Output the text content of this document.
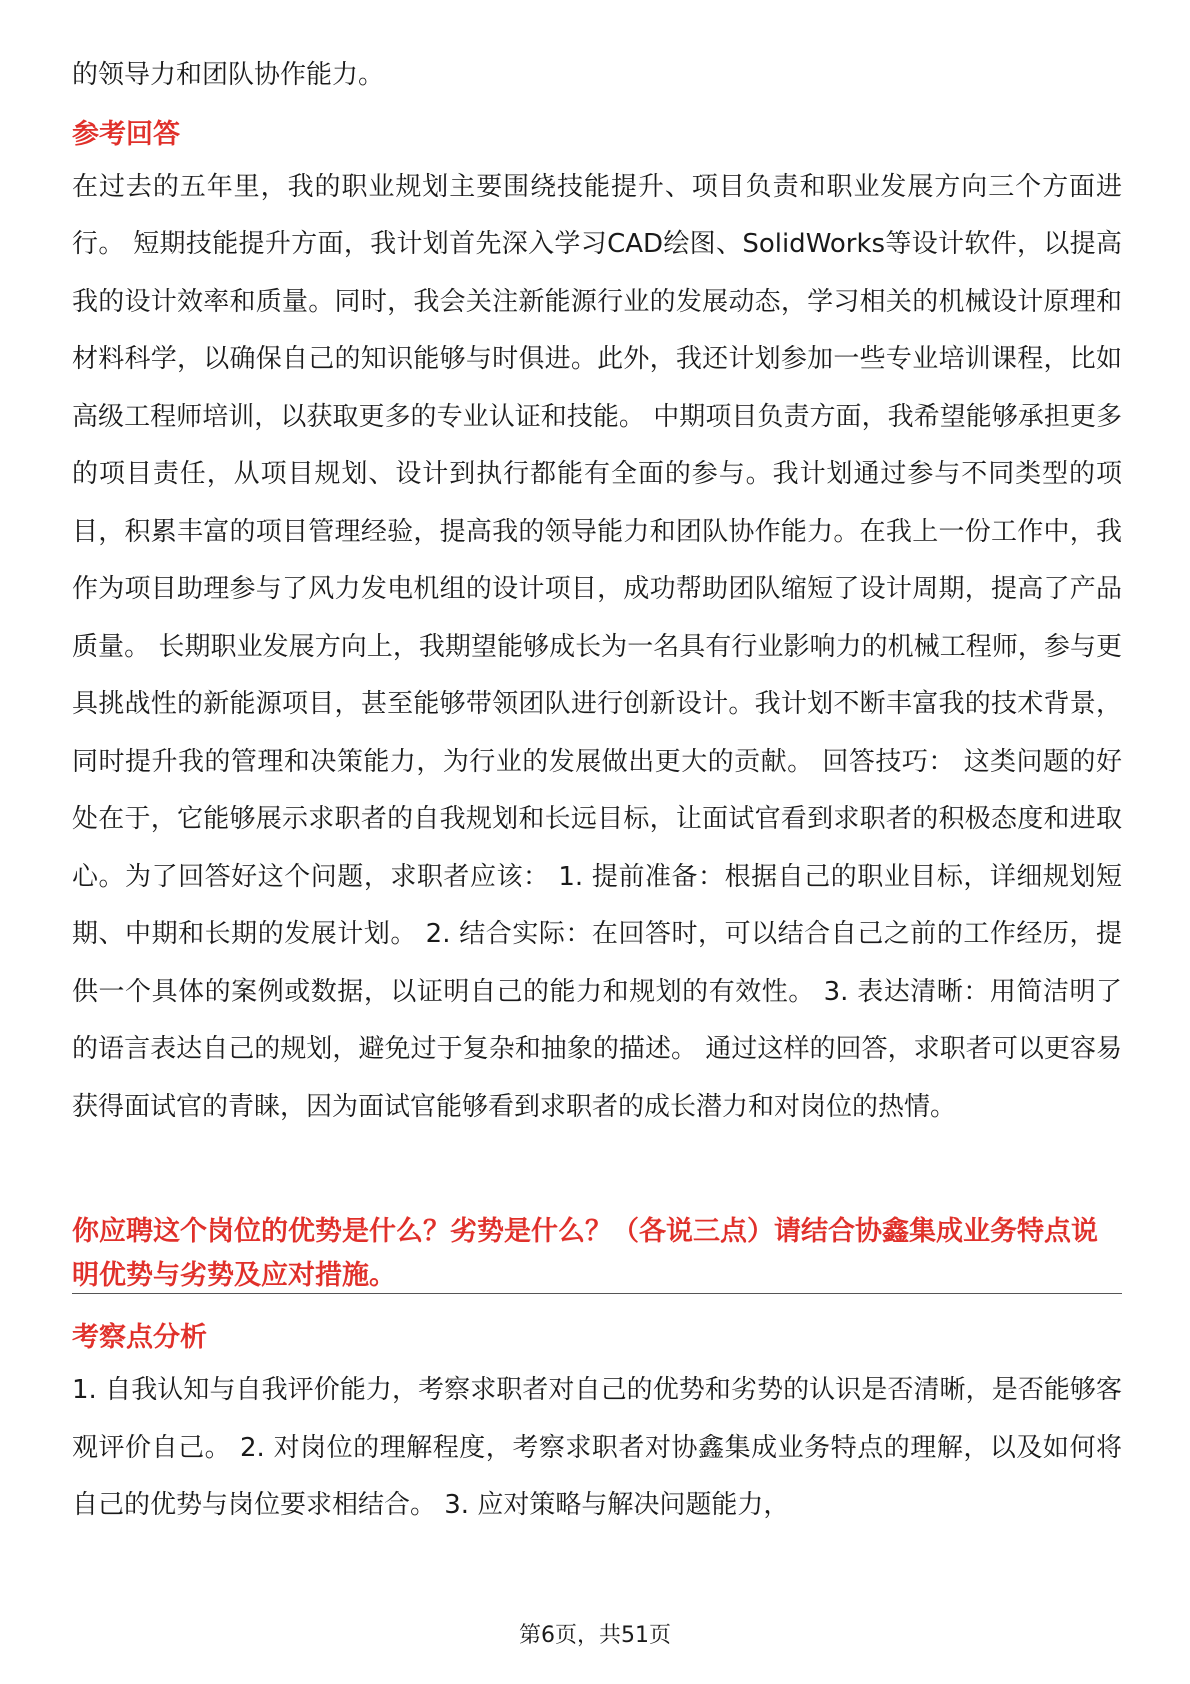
的领导力和团队协作能力。

参考回答

在过去的五年里，我的职业规划主要围绕技能提升、项目负责和职业发展方向三个方面进行。 短期技能提升方面，我计划首先深入学习CAD绘图、SolidWorks等设计软件，以提高我的设计效率和质量。同时，我会关注新能源行业的发展动态，学习相关的机械设计原理和材料科学，以确保自己的知识能够与时俱进。此外，我还计划参加一些专业培训课程，比如高级工程师培训，以获取更多的专业认证和技能。 中期项目负责方面，我希望能够承担更多的项目责任，从项目规划、设计到执行都能有全面的参与。我计划通过参与不同类型的项目，积累丰富的项目管理经验，提高我的领导能力和团队协作能力。在我上一份工作中，我作为项目助理参与了风力发电机组的设计项目，成功帮助团队缩短了设计周期，提高了产品质量。 长期职业发展方向上，我期望能够成长为一名具有行业影响力的机械工程师，参与更具挑战性的新能源项目，甚至能够带领团队进行创新设计。我计划不断丰富我的技术背景，同时提升我的管理和决策能力，为行业的发展做出更大的贡献。 回答技巧： 这类问题的好处在于，它能够展示求职者的自我规划和长远目标，让面试官看到求职者的积极态度和进取心。为了回答好这个问题，求职者应该： 1. 提前准备：根据自己的职业目标，详细规划短期、中期和长期的发展计划。 2. 结合实际：在回答时，可以结合自己之前的工作经历，提供一个具体的案例或数据，以证明自己的能力和规划的有效性。 3. 表达清晰：用简洁明了的语言表达自己的规划，避免过于复杂和抽象的描述。 通过这样的回答，求职者可以更容易获得面试官的青睐，因为面试官能够看到求职者的成长潜力和对岗位的热情。

你应聘这个岗位的优势是什么？劣势是什么？（各说三点）请结合协鑫集成业务特点说明优势与劣势及应对措施。

考察点分析

1. 自我认知与自我评价能力，考察求职者对自己的优势和劣势的认识是否清晰，是否能够客观评价自己。 2. 对岗位的理解程度，考察求职者对协鑫集成业务特点的理解，以及如何将自己的优势与岗位要求相结合。 3. 应对策略与解决问题能力，

第6页，共51页
